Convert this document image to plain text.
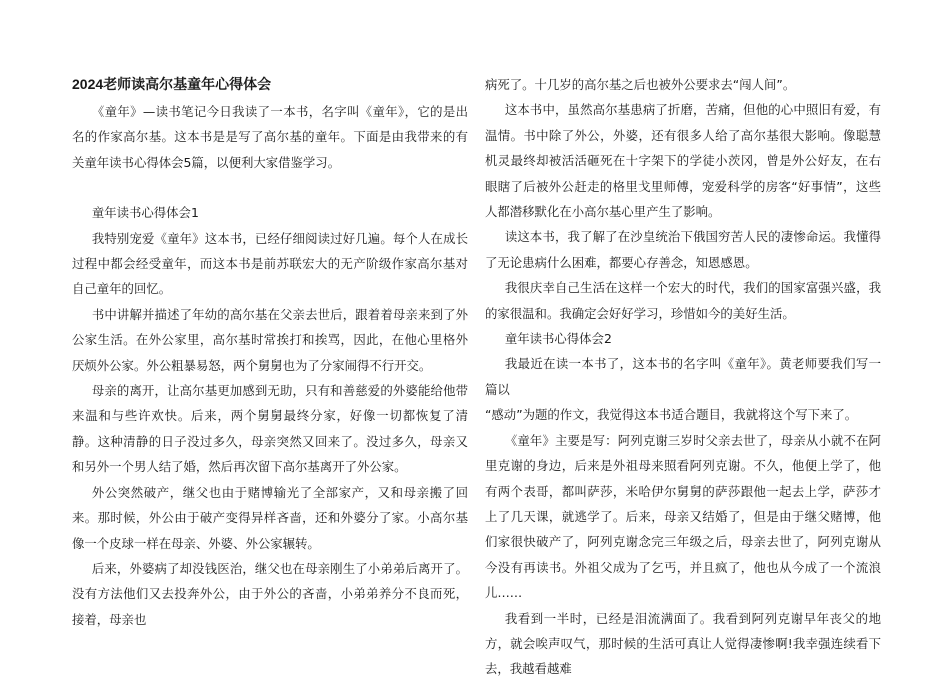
2024老师读高尔基童年心得体会

《童年》—读书笔记今日我读了一本书，名字叫《童年》，它的是出名的作家高尔基。这本书是是写了高尔基的童年。下面是由我带来的有关童年读书心得体会5篇，以便利大家借鉴学习。

童年读书心得体会1

我特别宠爱《童年》这本书，已经仔细阅读过好几遍。每个人在成长过程中都会经受童年，而这本书是前苏联宏大的无产阶级作家高尔基对自己童年的回忆。

书中讲解并描述了年幼的高尔基在父亲去世后，跟着着母亲来到了外公家生活。在外公家里，高尔基时常挨打和挨骂，因此，在他心里格外厌烦外公家。外公粗暴易怒，两个舅舅也为了分家闹得不行开交。

母亲的离开，让高尔基更加感到无助，只有和善慈爱的外婆能给他带来温和与些许欢快。后来，两个舅舅最终分家，好像一切都恢复了清静。这种清静的日子没过多久，母亲突然又回来了。没过多久，母亲又和另外一个男人结了婚，然后再次留下高尔基离开了外公家。

外公突然破产，继父也由于赌博输光了全部家产，又和母亲搬了回来。那时候，外公由于破产变得异样吝啬，还和外婆分了家。小高尔基像一个皮球一样在母亲、外婆、外公家辗转。

后来，外婆病了却没钱医治，继父也在母亲刚生了小弟弟后离开了。没有方法他们又去投奔外公，由于外公的吝啬，小弟弟养分不良而死，接着，母亲也

病死了。十几岁的高尔基之后也被外公要求去“闯人间”。

这本书中，虽然高尔基患病了折磨，苦痛，但他的心中照旧有爱，有温情。书中除了外公，外婆，还有很多人给了高尔基很大影响。像聪慧机灵最终却被活活砸死在十字架下的学徒小茨冈，曾是外公好友，在右眼瞎了后被外公赶走的格里戈里师傅，宠爱科学的房客“好事情”，这些人都潜移默化在小高尔基心里产生了影响。

读这本书，我了解了在沙皇统治下俄国穷苦人民的凄惨命运。我懂得了无论患病什么困难，都要心存善念，知恩感恩。

我很庆幸自己生活在这样一个宏大的时代，我们的国家富强兴盛，我的家很温和。我确定会好好学习，珍惜如今的美好生活。

童年读书心得体会2

我最近在读一本书了，这本书的名字叫《童年》。黄老师要我们写一篇以

“感动”为题的作文，我觉得这本书适合题目，我就将这个写下来了。

《童年》主要是写：阿列克谢三岁时父亲去世了，母亲从小就不在阿里克谢的身边，后来是外祖母来照看阿列克谢。不久，他便上学了，他有两个表哥，都叫萨莎，米哈伊尔舅舅的萨莎跟他一起去上学，萨莎才上了几天课，就逃学了。后来，母亲又结婚了，但是由于继父赌博，他们家很快破产了，阿列克谢念完三年级之后，母亲去世了，阿列克谢从今没有再读书。外祖父成为了乞丐，并且疯了，他也从今成了一个流浪儿……

我看到一半时，已经是泪流满面了。我看到阿列克谢早年丧父的地方，就会唉声叹气，那时候的生活可真让人觉得凄惨啊!我幸强连续看下去，我越看越难
